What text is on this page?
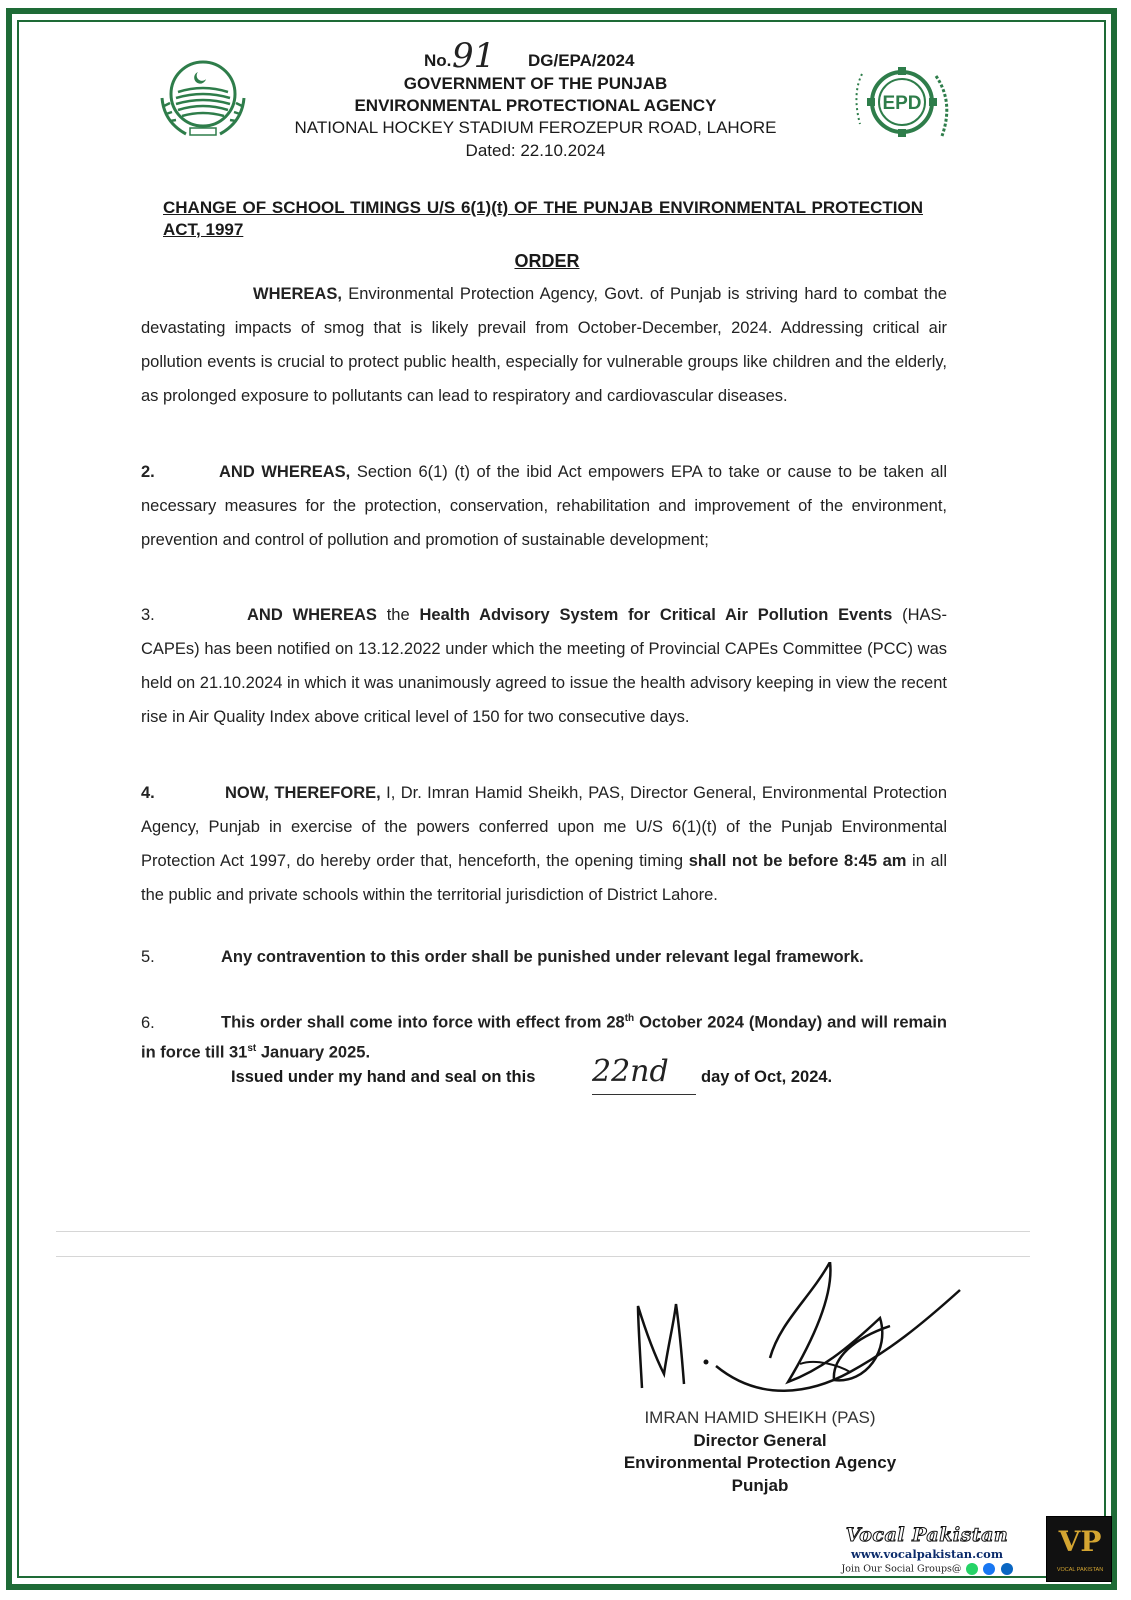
No. 91 DG/EPA/2024
GOVERNMENT OF THE PUNJAB
ENVIRONMENTAL PROTECTIONAL AGENCY
NATIONAL HOCKEY STADIUM FEROZEPUR ROAD, LAHORE
Dated: 22.10.2024
EPD
CHANGE OF SCHOOL TIMINGS U/S 6(1)(t) OF THE PUNJAB ENVIRONMENTAL PROTECTION ACT, 1997
ORDER
WHEREAS, Environmental Protection Agency, Govt. of Punjab is striving hard to combat the devastating impacts of smog that is likely prevail from October-December, 2024. Addressing critical air pollution events is crucial to protect public health, especially for vulnerable groups like children and the elderly, as prolonged exposure to pollutants can lead to respiratory and cardiovascular diseases.
2.	AND WHEREAS, Section 6(1) (t) of the ibid Act empowers EPA to take or cause to be taken all necessary measures for the protection, conservation, rehabilitation and improvement of the environment, prevention and control of pollution and promotion of sustainable development;
3.	AND WHEREAS the Health Advisory System for Critical Air Pollution Events (HAS-CAPEs) has been notified on 13.12.2022 under which the meeting of Provincial CAPEs Committee (PCC) was held on 21.10.2024 in which it was unanimously agreed to issue the health advisory keeping in view the recent rise in Air Quality Index above critical level of 150 for two consecutive days.
4.	NOW, THEREFORE, I, Dr. Imran Hamid Sheikh, PAS, Director General, Environmental Protection Agency, Punjab in exercise of the powers conferred upon me U/S 6(1)(t) of the Punjab Environmental Protection Act 1997, do hereby order that, henceforth, the opening timing shall not be before 8:45 am in all the public and private schools within the territorial jurisdiction of District Lahore.
5.	Any contravention to this order shall be punished under relevant legal framework.
6.	This order shall come into force with effect from 28th October 2024 (Monday) and will remain in force till 31st January 2025.
Issued under my hand and seal on this 22nd day of Oct, 2024.
IMRAN HAMID SHEIKH (PAS)
Director General
Environmental Protection Agency
Punjab
Vocal Pakistan
www.vocalpakistan.com
Join Our Social Groups@
VP
VOCAL PAKISTAN
